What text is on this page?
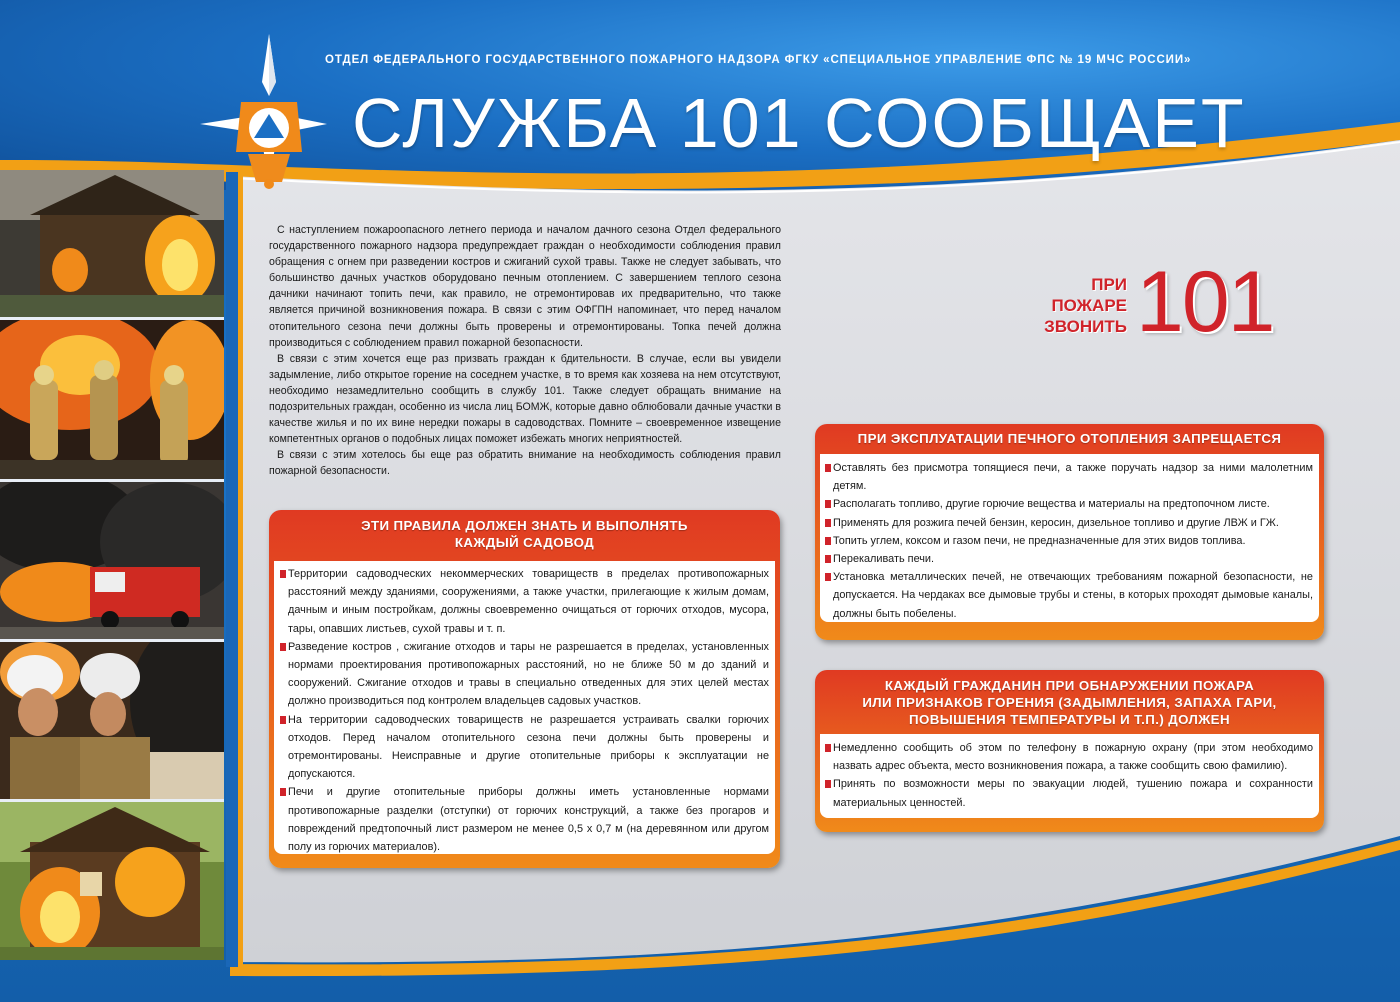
ОТДЕЛ ФЕДЕРАЛЬНОГО ГОСУДАРСТВЕННОГО ПОЖАРНОГО НАДЗОРА ФГКУ «СПЕЦИАЛЬНОЕ УПРАВЛЕНИЕ ФПС № 19 МЧС РОССИИ»
СЛУЖБА 101 СООБЩАЕТ

С наступлением пожароопасного летнего периода и началом дачного сезона Отдел федерального государственного пожарного надзора предупреждает граждан о необходимости соблюдения правил обращения с огнем при разведении костров и сжиганий сухой травы. Также не следует забывать, что большинство дачных участков оборудовано печным отоплением. С завершением теплого сезона дачники начинают топить печи, как правило, не отремонтировав их предварительно, что также является причиной возникновения пожара. В связи с этим ОФГПН напоминает, что перед началом отопительного сезона печи должны быть проверены и отремонтированы. Топка печей должна производиться с соблюдением правил пожарной безопасности.

В связи с этим хочется еще раз призвать граждан к бдительности. В случае, если вы увидели задымление, либо открытое горение на соседнем участке, в то время как хозяева на нем отсутствуют, необходимо незамедлительно сообщить в службу 101. Также следует обращать внимание на подозрительных граждан, особенно из числа лиц БОМЖ, которые давно облюбовали дачные участки в качестве жилья и по их вине нередки пожары в садоводствах. Помните – своевременное извещение компетентных органов о подобных лицах поможет избежать многих неприятностей.

В связи с этим хотелось бы еще раз обратить внимание на необходимость соблюдения правил пожарной безопасности.

ПРИ
ПОЖАРЕ
ЗВОНИТЬ 101
ЭТИ ПРАВИЛА ДОЛЖЕН ЗНАТЬ И ВЫПОЛНЯТЬ
КАЖДЫЙ САДОВОД
Территории садоводческих некоммерческих товариществ в пределах противопожарных расстояний между зданиями, сооружениями, а также участки, прилегающие к жилым домам, дачным и иным постройкам, должны своевременно очищаться от горючих отходов, мусора, тары, опавших листьев, сухой травы и т. п.
Разведение костров , сжигание отходов и тары не разрешается в пределах, установленных нормами проектирования противопожарных расстояний, но не ближе 50 м до зданий и сооружений. Сжигание отходов и травы в специально отведенных для этих целей местах должно производиться под контролем владельцев садовых участков.
На территории садоводческих товариществ не разрешается устраивать свалки горючих отходов. Перед началом отопительного сезона печи должны быть проверены и отремонтированы. Неисправные и другие отопительные приборы к эксплуатации не допускаются.
Печи и другие отопительные приборы должны иметь установленные нормами противопожарные разделки (отступки) от горючих конструкций, а также без прогаров и повреждений предтопочный лист размером не менее 0,5 х 0,7 м (на деревянном или другом полу из горючих материалов).
ПРИ ЭКСПЛУАТАЦИИ ПЕЧНОГО ОТОПЛЕНИЯ ЗАПРЕЩАЕТСЯ
Оставлять без присмотра топящиеся печи, а также поручать надзор за ними малолетним детям.
Располагать топливо, другие горючие вещества и материалы на предтопочном листе.
Применять для розжига печей бензин, керосин, дизельное топливо и другие ЛВЖ и ГЖ.
Топить углем, коксом и газом печи, не предназначенные для этих видов топлива.
Перекаливать печи.
Установка металлических печей, не отвечающих требованиям пожарной безопасности, не допускается. На чердаках все дымовые трубы и стены, в которых проходят дымовые каналы, должны быть побелены.
КАЖДЫЙ ГРАЖДАНИН ПРИ ОБНАРУЖЕНИИ ПОЖАРА
ИЛИ ПРИЗНАКОВ ГОРЕНИЯ (ЗАДЫМЛЕНИЯ, ЗАПАХА ГАРИ,
ПОВЫШЕНИЯ ТЕМПЕРАТУРЫ И Т.П.) ДОЛЖЕН
Немедленно сообщить об этом по телефону в пожарную охрану (при этом необходимо назвать адрес объекта, место возникновения пожара, а также сообщить свою фамилию).
Принять по возможности меры по эвакуации людей, тушению пожара и сохранности материальных ценностей.
